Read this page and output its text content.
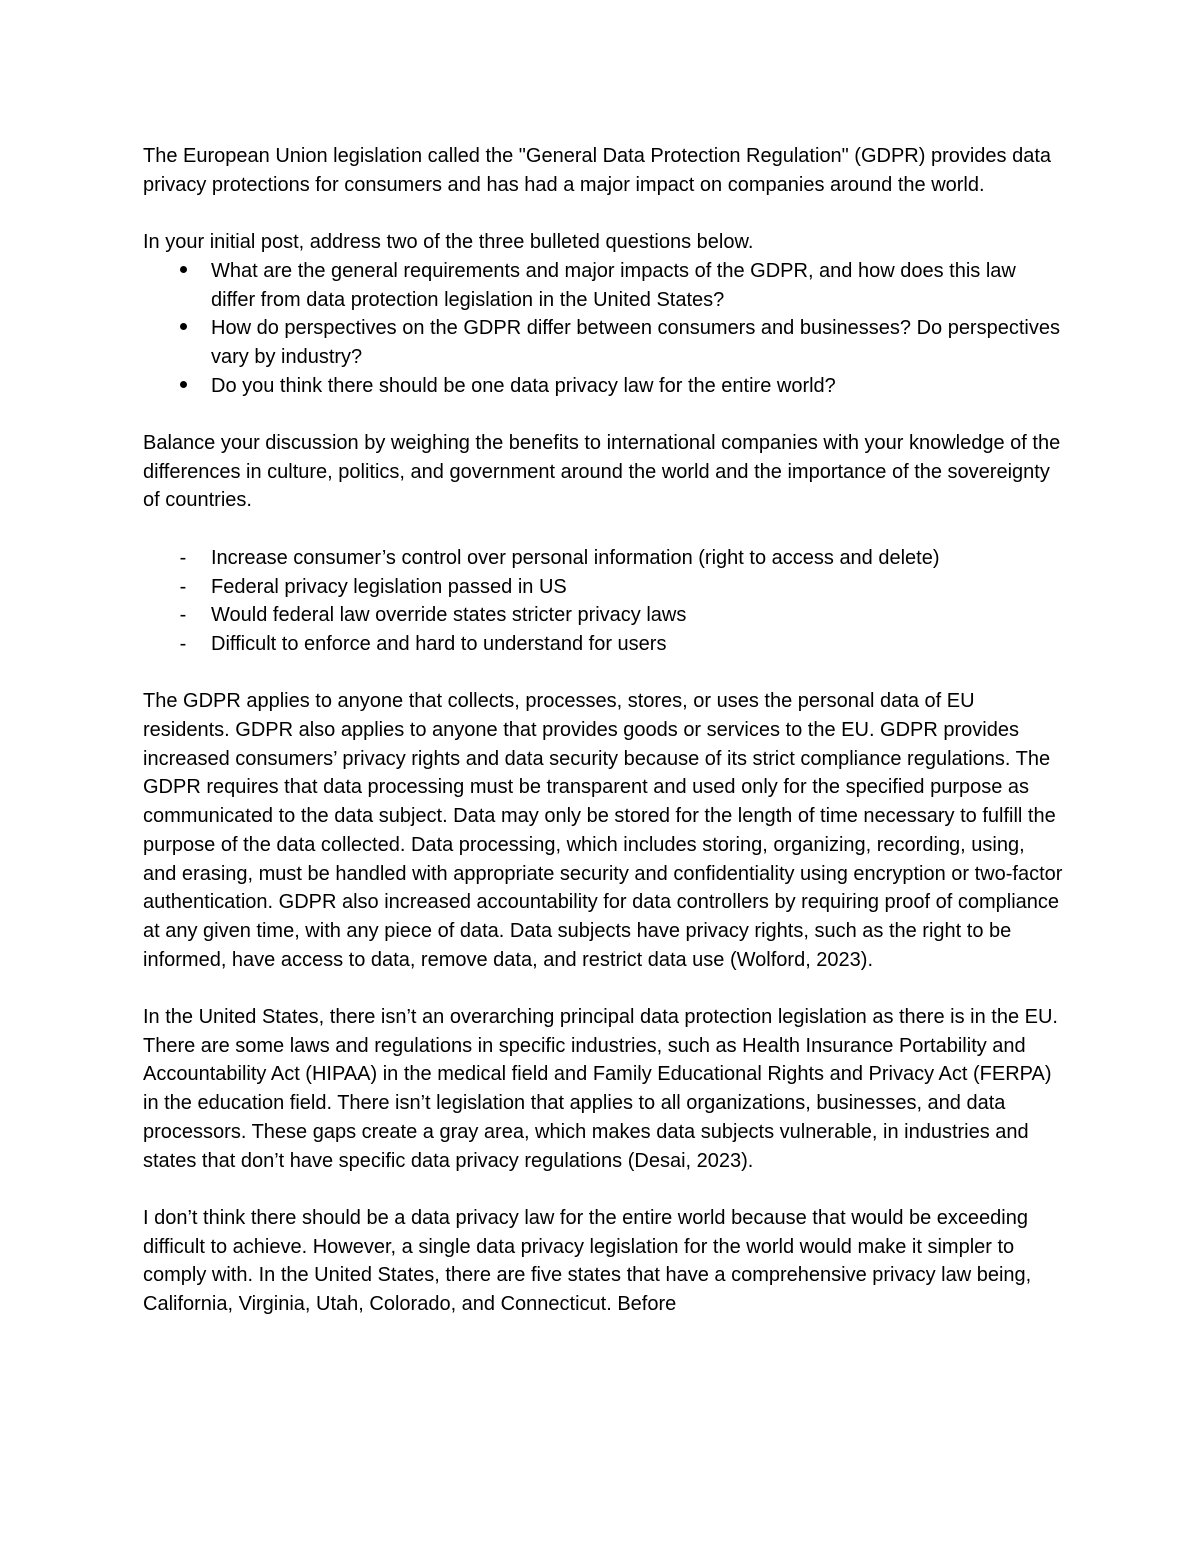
The European Union legislation called the "General Data Protection Regulation" (GDPR) provides data privacy protections for consumers and has had a major impact on companies around the world.

In your initial post, address two of the three bulleted questions below.

What are the general requirements and major impacts of the GDPR, and how does this law differ from data protection legislation in the United States?
How do perspectives on the GDPR differ between consumers and businesses? Do perspectives vary by industry?
Do you think there should be one data privacy law for the entire world?

Balance your discussion by weighing the benefits to international companies with your knowledge of the differences in culture, politics, and government around the world and the importance of the sovereignty of countries.

-	Increase consumer’s control over personal information (right to access and delete)
-	Federal privacy legislation passed in US
-	Would federal law override states stricter privacy laws
-	Difficult to enforce and hard to understand for users

The GDPR applies to anyone that collects, processes, stores, or uses the personal data of EU residents. GDPR also applies to anyone that provides goods or services to the EU. GDPR provides increased consumers’ privacy rights and data security because of its strict compliance regulations. The GDPR requires that data processing must be transparent and used only for the specified purpose as communicated to the data subject. Data may only be stored for the length of time necessary to fulfill the purpose of the data collected. Data processing, which includes storing, organizing, recording, using, and erasing, must be handled with appropriate security and confidentiality using encryption or two-factor authentication. GDPR also increased accountability for data controllers by requiring proof of compliance at any given time, with any piece of data. Data subjects have privacy rights, such as the right to be informed, have access to data, remove data, and restrict data use (Wolford, 2023).

In the United States, there isn’t an overarching principal data protection legislation as there is in the EU. There are some laws and regulations in specific industries, such as Health Insurance Portability and Accountability Act (HIPAA) in the medical field and Family Educational Rights and Privacy Act (FERPA) in the education field. There isn’t legislation that applies to all organizations, businesses, and data processors. These gaps create a gray area, which makes data subjects vulnerable, in industries and states that don’t have specific data privacy regulations (Desai, 2023).

I don’t think there should be a data privacy law for the entire world because that would be exceeding difficult to achieve. However, a single data privacy legislation for the world would make it simpler to comply with. In the United States, there are five states that have a comprehensive privacy law being, California, Virginia, Utah, Colorado, and Connecticut. Before
